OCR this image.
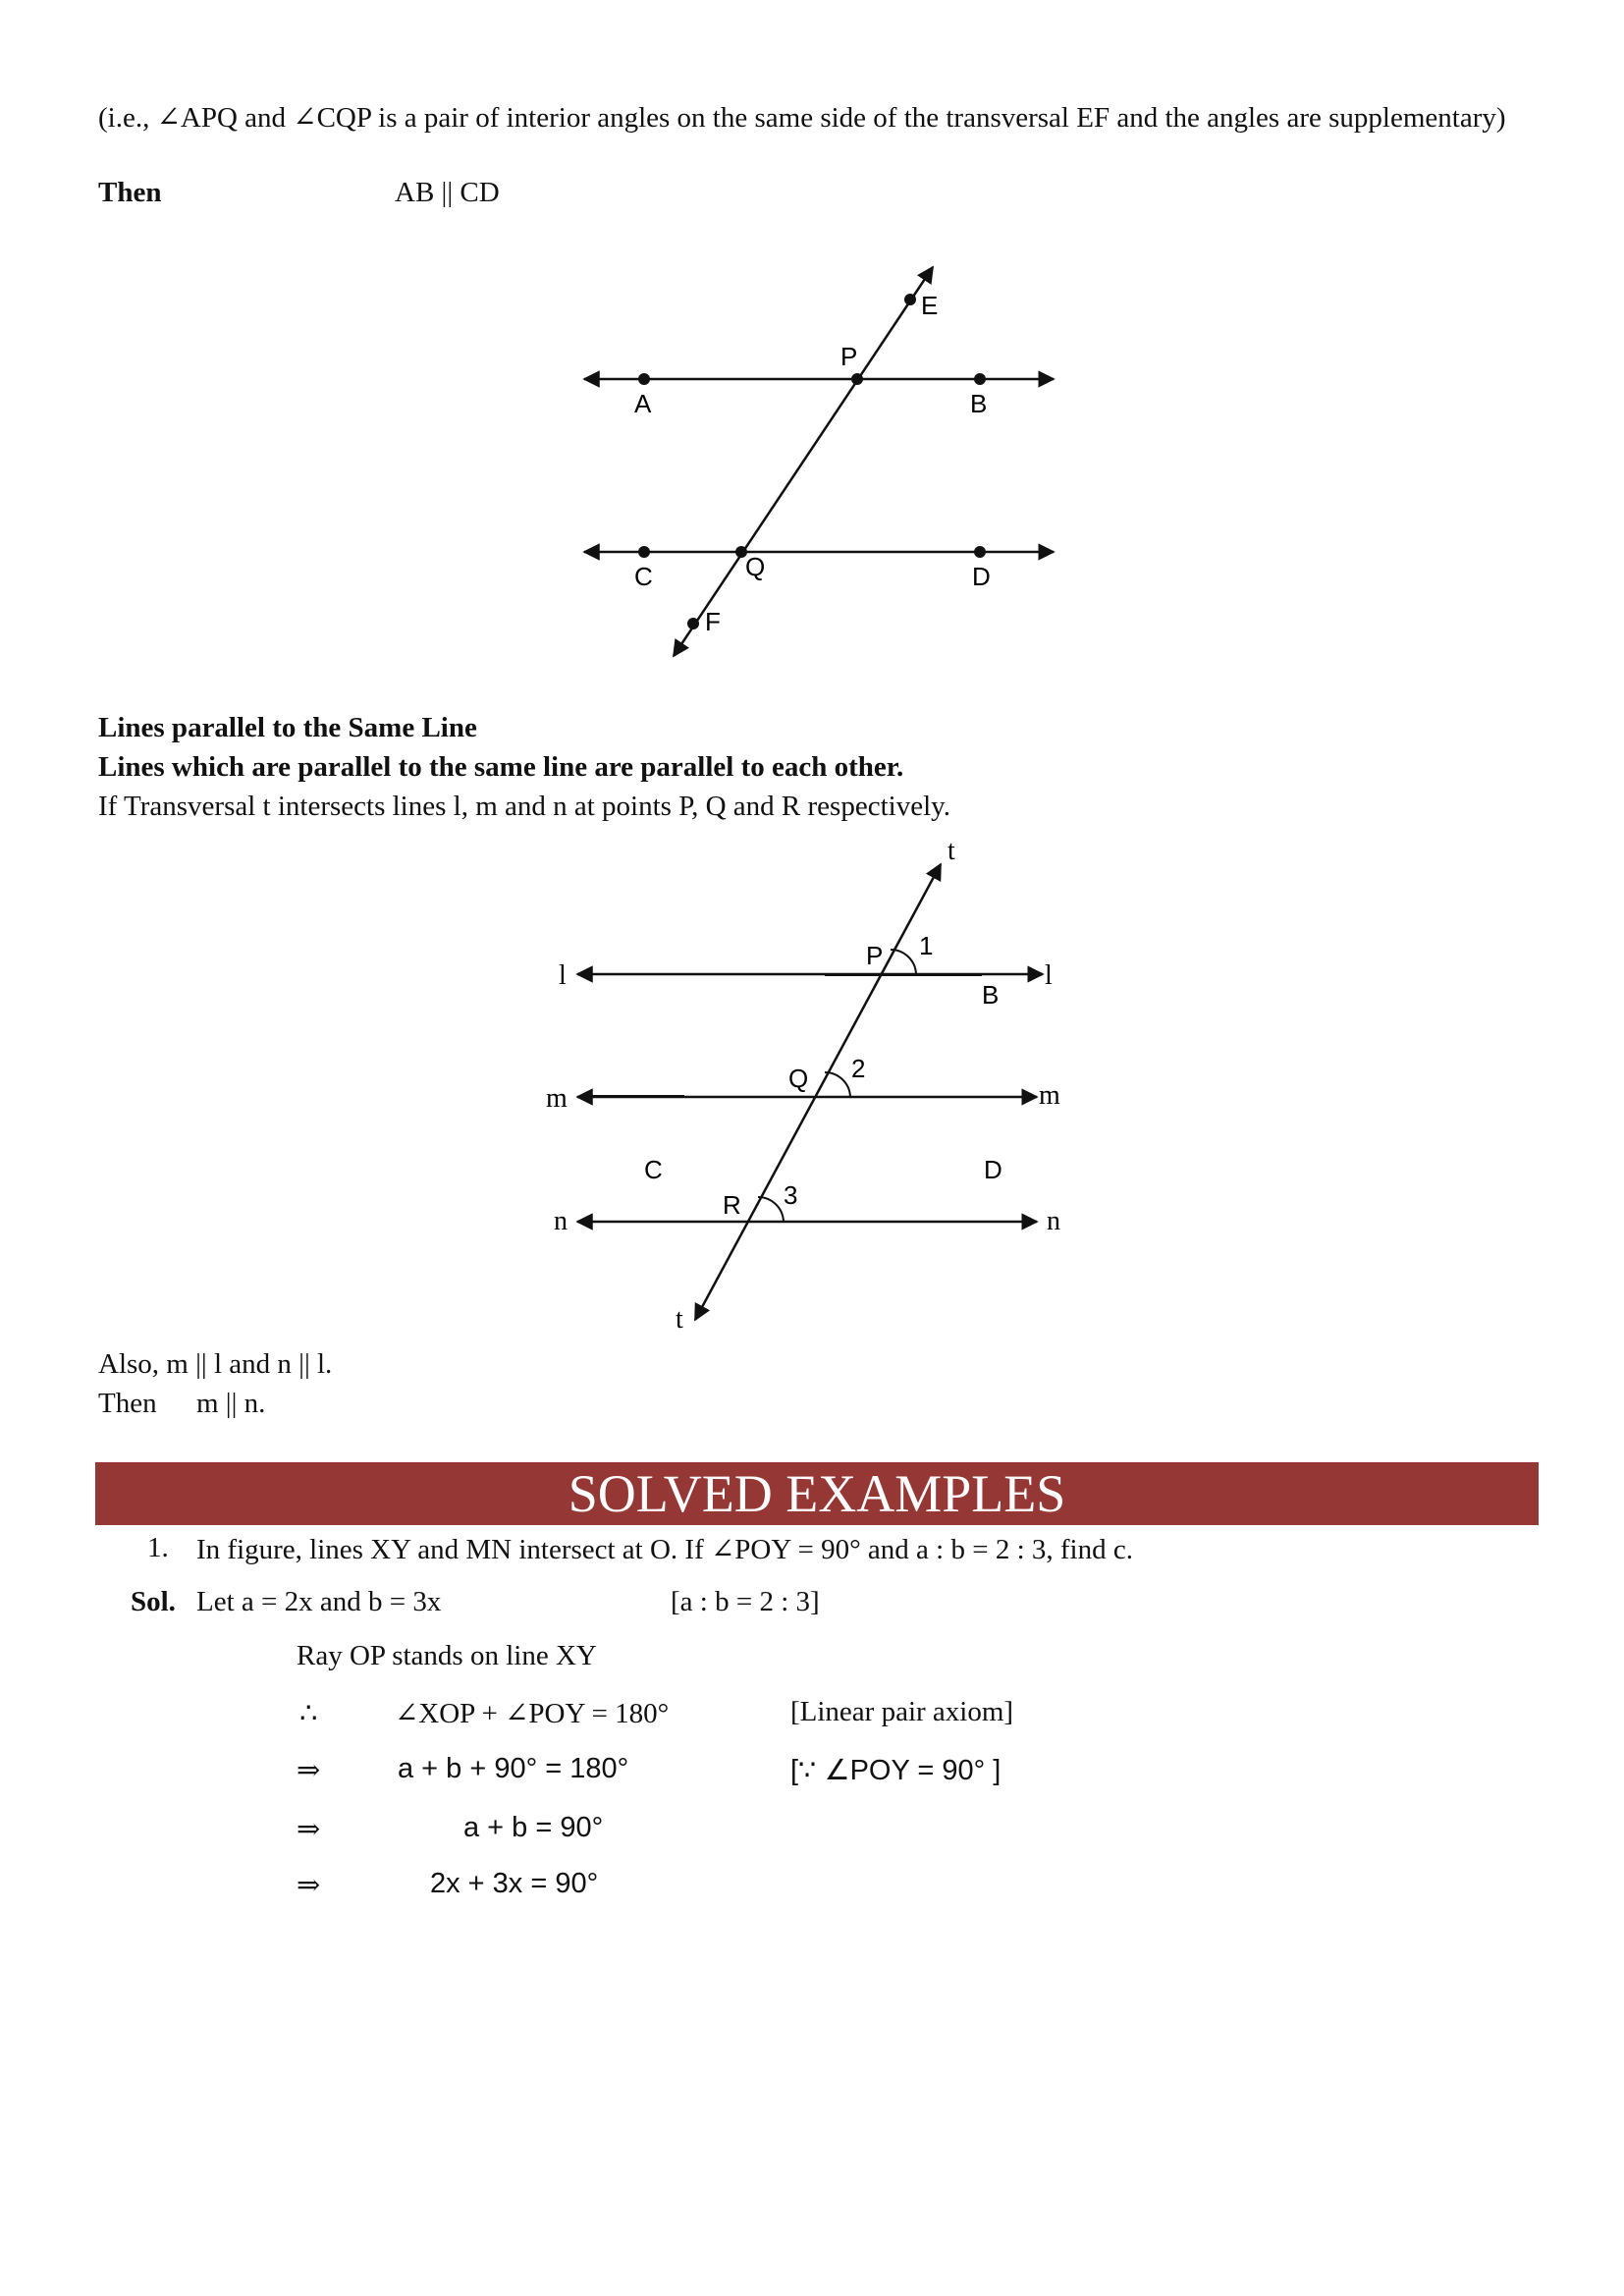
(i.e., ∠APQ and ∠CQP is a pair of interior angles on the same side of the transversal EF and the angles are supplementary)
Then	AB || CD
E
P
A	B
C	Q	D
F
Lines parallel to the Same Line
Lines which are parallel to the same line are parallel to each other.
If Transversal t intersects lines l, m and n at points P, Q and R respectively.
t
t
l	l
m	m
n	n
P 1
B
Q 2
C	D
R 3
Also, m || l and n || l.
Then m || n.
SOLVED EXAMPLES
1. In figure, lines XY and MN intersect at O. If ∠POY = 90° and a : b = 2 : 3, find c.
Sol. Let a = 2x and b = 3x	[a : b = 2 : 3]
Ray OP stands on line XY
∴	∠XOP + ∠POY = 180°	[Linear pair axiom]
⇒	a + b + 90° = 180°	[∵ ∠POY = 90° ]
⇒	a + b = 90°
⇒	2x + 3x = 90°
